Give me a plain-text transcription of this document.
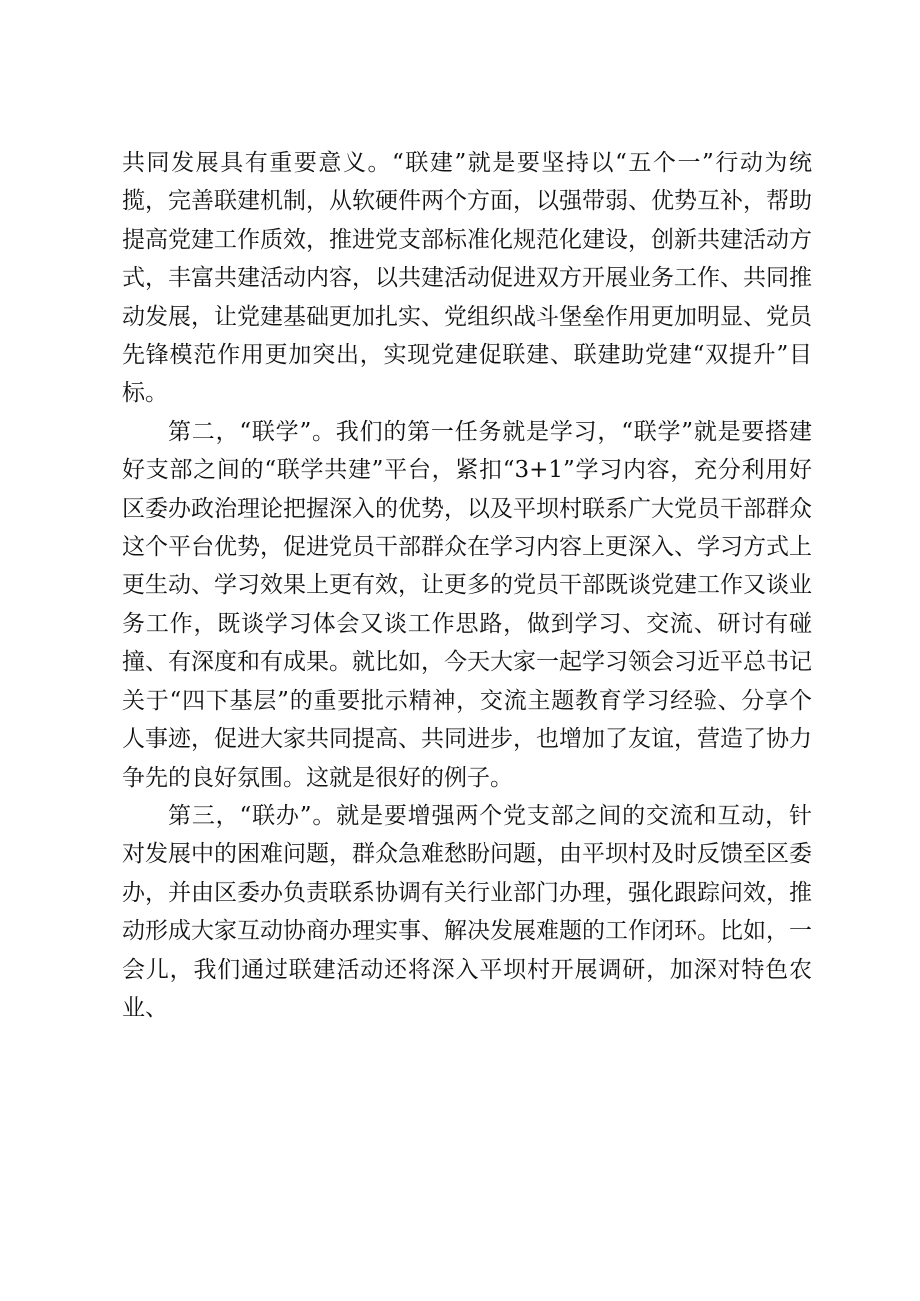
共同发展具有重要意义。“联建”就是要坚持以“五个一”行动为统揽，完善联建机制，从软硬件两个方面，以强带弱、优势互补，帮助提高党建工作质效，推进党支部标准化规范化建设，创新共建活动方式，丰富共建活动内容，以共建活动促进双方开展业务工作、共同推动发展，让党建基础更加扎实、党组织战斗堡垒作用更加明显、党员先锋模范作用更加突出，实现党建促联建、联建助党建“双提升”目标。

第二，“联学”。我们的第一任务就是学习，“联学”就是要搭建好支部之间的“联学共建”平台，紧扣“3+1”学习内容，充分利用好区委办政治理论把握深入的优势，以及平坝村联系广大党员干部群众这个平台优势，促进党员干部群众在学习内容上更深入、学习方式上更生动、学习效果上更有效，让更多的党员干部既谈党建工作又谈业务工作，既谈学习体会又谈工作思路，做到学习、交流、研讨有碰撞、有深度和有成果。就比如，今天大家一起学习领会习近平总书记关于“四下基层”的重要批示精神，交流主题教育学习经验、分享个人事迹，促进大家共同提高、共同进步，也增加了友谊，营造了协力争先的良好氛围。这就是很好的例子。

第三，“联办”。就是要增强两个党支部之间的交流和互动，针对发展中的困难问题，群众急难愁盼问题，由平坝村及时反馈至区委办，并由区委办负责联系协调有关行业部门办理，强化跟踪问效，推动形成大家互动协商办理实事、解决发展难题的工作闭环。比如，一会儿，我们通过联建活动还将深入平坝村开展调研，加深对特色农业、
